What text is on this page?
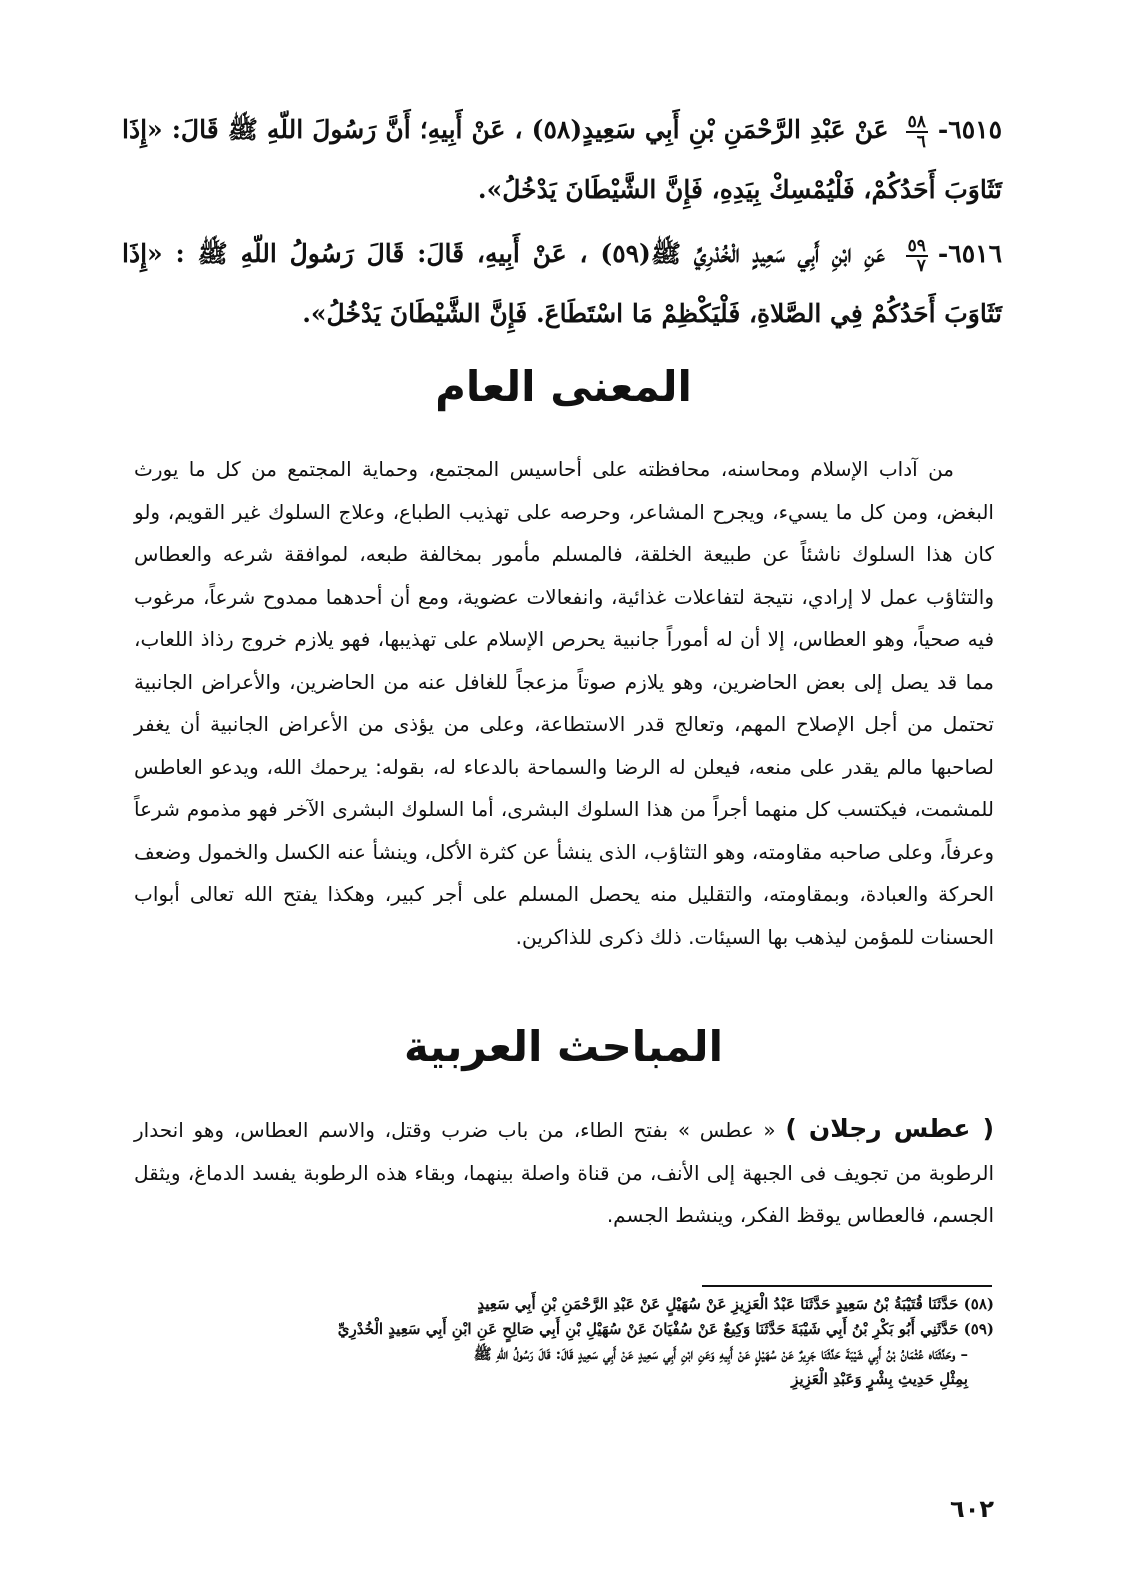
٦٥١٥-
$\frac{٥٨}{٦}$
عَنْ عَبْدِ الرَّحْمَنِ بْنِ أَبِي سَعِيدٍ(٥٨) ، عَنْ أَبِيهِ؛ أَنَّ رَسُولَ اللّهِ ﷺ قَالَ: «إِذَا تَثَاوَبَ أَحَدُكُمْ، فَلْيُمْسِكْ بِيَدِهِ، فَإِنَّ الشَّيْطَانَ يَدْخُلُ».
٦٥١٦-
$\frac{٥٩}{٧}$
عَنِ ابْنِ أَبِي سَعِيدٍ الْخُدْرِيِّ ﷺ(٥٩) ، عَنْ أَبِيهِ، قَالَ: قَالَ رَسُولُ اللّهِ ﷺ : «إِذَا تَثَاوَبَ أَحَدُكُمْ فِي الصَّلاةِ، فَلْيَكْظِمْ مَا اسْتَطَاعَ. فَإِنَّ الشَّيْطَانَ يَدْخُلُ».
المعنى العام
من آداب الإسلام ومحاسنه، محافظته على أحاسيس المجتمع، وحماية المجتمع من كل ما يورث البغض، ومن كل ما يسيء، ويجرح المشاعر، وحرصه على تهذيب الطباع، وعلاج السلوك غير القويم، ولو كان هذا السلوك ناشئاً عن طبيعة الخلقة، فالمسلم مأمور بمخالفة طبعه، لموافقة شرعه والعطاس والتثاؤب عمل لا إرادي، نتيجة لتفاعلات غذائية، وانفعالات عضوية، ومع أن أحدهما ممدوح شرعاً، مرغوب فيه صحياً، وهو العطاس، إلا أن له أموراً جانبية يحرص الإسلام على تهذيبها، فهو يلازم خروج رذاذ اللعاب، مما قد يصل إلى بعض الحاضرين، وهو يلازم صوتاً مزعجاً للغافل عنه من الحاضرين، والأعراض الجانبية تحتمل من أجل الإصلاح المهم، وتعالج قدر الاستطاعة، وعلى من يؤذى من الأعراض الجانبية أن يغفر لصاحبها مالم يقدر على منعه، فيعلن له الرضا والسماحة بالدعاء له، بقوله: يرحمك الله، ويدعو العاطس للمشمت، فيكتسب كل منهما أجراً من هذا السلوك البشرى، أما السلوك البشرى الآخر فهو مذموم شرعاً وعرفاً، وعلى صاحبه مقاومته، وهو التثاؤب، الذى ينشأ عن كثرة الأكل، وينشأ عنه الكسل والخمول وضعف الحركة والعبادة، وبمقاومته، والتقليل منه يحصل المسلم على أجر كبير، وهكذا يفتح الله تعالى أبواب الحسنات للمؤمن ليذهب بها السيئات. ذلك ذكرى للذاكرين.
المباحث العربية
( عطس رجلان ) « عطس » بفتح الطاء، من باب ضرب وقتل، والاسم العطاس، وهو انحدار الرطوبة من تجويف فى الجبهة إلى الأنف، من قناة واصلة بينهما، وبقاء هذه الرطوبة يفسد الدماغ، ويثقل الجسم، فالعطاس يوقظ الفكر، وينشط الجسم.
(٥٨) حَدَّثَنَا قُتَيْبَةُ بْنُ سَعِيدٍ حَدَّثَنَا عَبْدُ الْعَزِيزِ عَنْ سُهَيْلٍ عَنْ عَبْدِ الرَّحْمَنِ بْنِ أَبِي سَعِيدٍ
(٥٩) حَدَّثَنِي أَبُو بَكْرِ بْنُ أَبِي شَيْبَةَ حَدَّثَنَا وَكِيعٌ عَنْ سُفْيَانَ عَنْ سُهَيْلِ بْنِ أَبِي صَالِحٍ عَنِ ابْنِ أَبِي سَعِيدٍ الْخُدْرِيِّ
– وحَدَّثَنَاه عُثْمَانُ بْنُ أَبِي شَيْبَةَ حَدَّثَنَا جَرِيرٌ عَنْ سُهَيْلٍ عَنْ أَبِيهِ وَعَنِ ابْنِ أَبِي سَعِيدٍ عَنْ أَبِي سَعِيدٍ قَالَ: قَالَ رَسُولُ اللّهِ ﷺ
بِمِثْلِ حَدِيثِ بِشْرٍ وَعَبْدِ الْعَزِيزِ
٦٠٢
